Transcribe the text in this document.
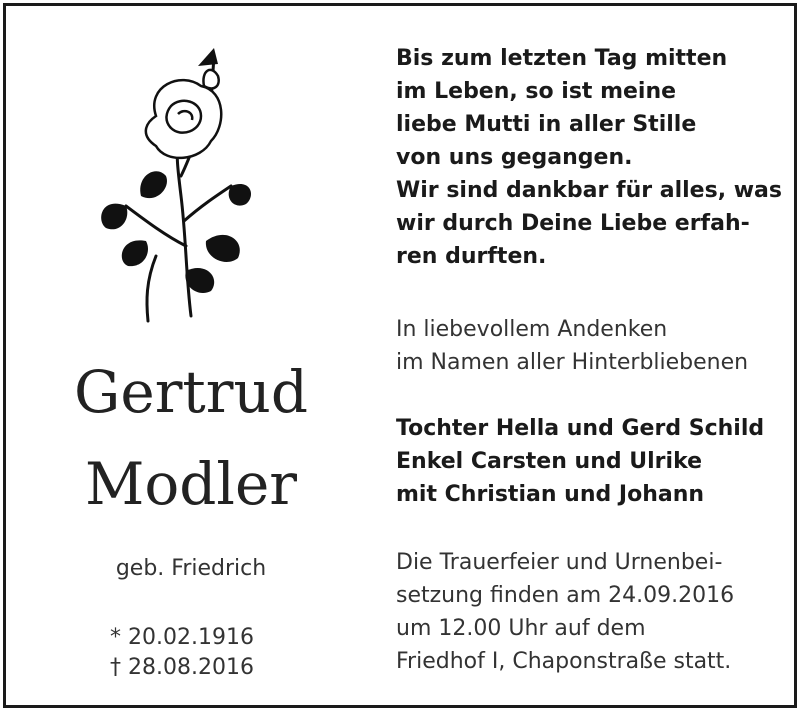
Gertrud
Modler
geb. Friedrich
* 20.02.1916
† 28.08.2016
Bis zum letzten Tag mitten
im Leben, so ist meine
liebe Mutti in aller Stille
von uns gegangen.
Wir sind dankbar für alles, was
wir durch Deine Liebe erfah-
ren durften.
In liebevollem Andenken
im Namen aller Hinterbliebenen
Tochter Hella und Gerd Schild
Enkel Carsten und Ulrike
mit Christian und Johann
Die Trauerfeier und Urnenbei-
setzung finden am 24.09.2016
um 12.00 Uhr auf dem
Friedhof I, Chaponstraße statt.
